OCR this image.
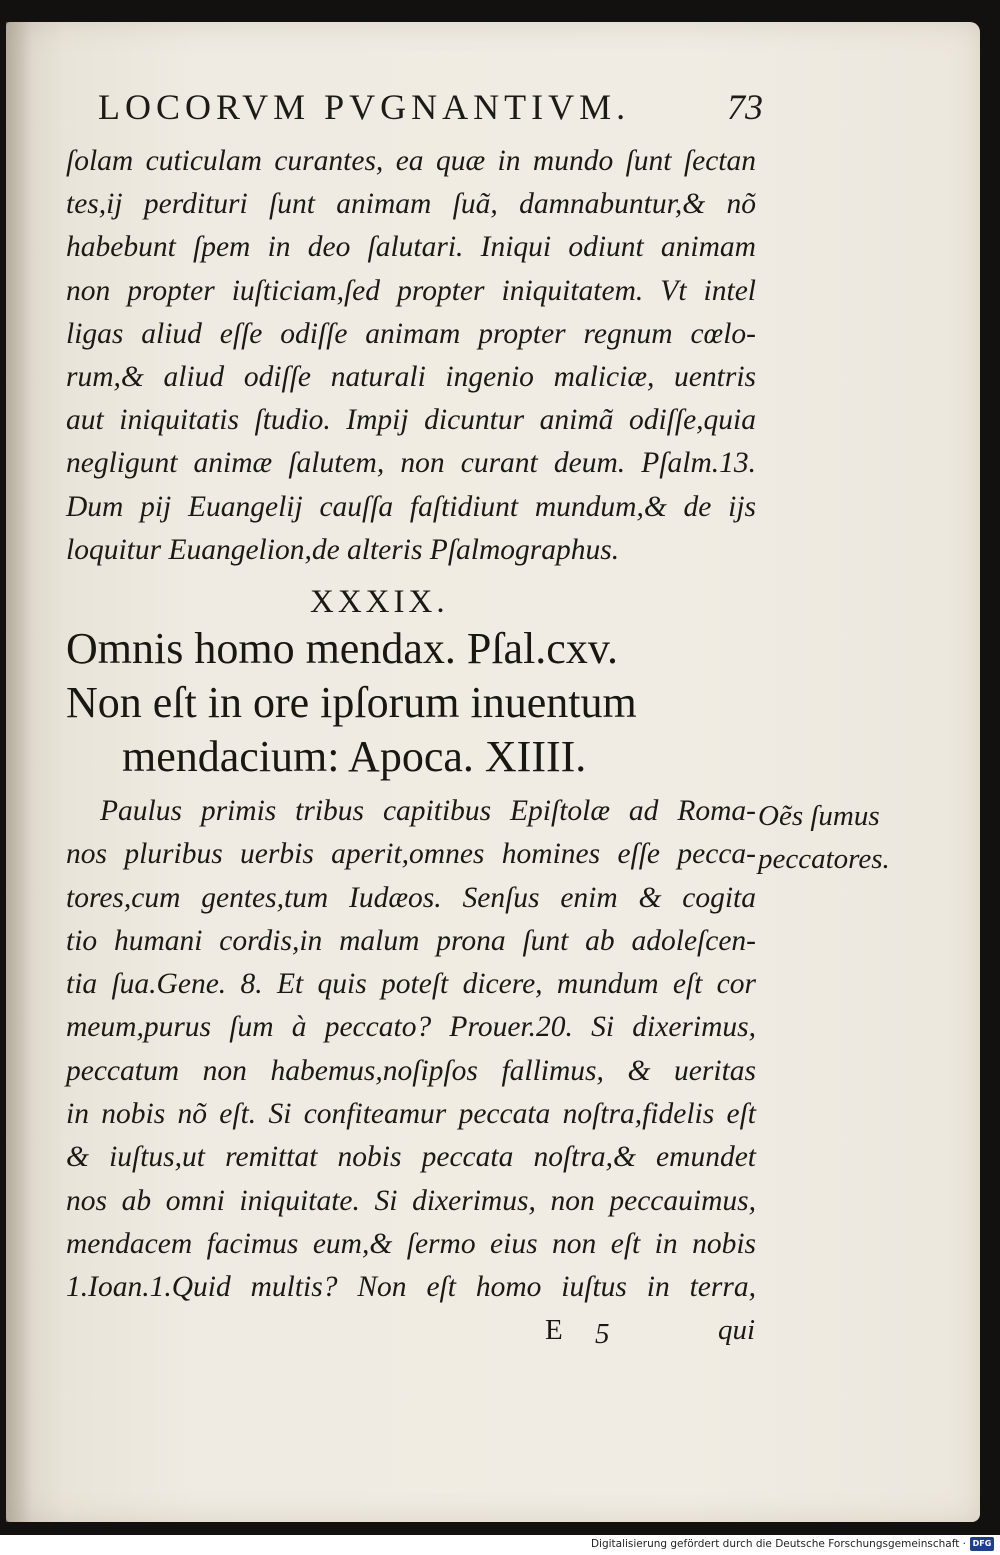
LOCORVM PVGNANTIVM.	73
ſolam cuticulam curantes, ea quæ in mundo ſunt ſectan
tes,ij perdituri ſunt animam ſuã, damnabuntur,& nõ
habebunt ſpem in deo ſalutari. Iniqui odiunt animam
non propter iuſticiam,ſed propter iniquitatem. Vt intel
ligas aliud eſſe odiſſe animam propter regnum cœlo-
rum,& aliud odiſſe naturali ingenio maliciæ, uentris
aut iniquitatis ſtudio. Impij dicuntur animã odiſſe,quia
negligunt animæ ſalutem, non curant deum. Pſalm.13.
Dum pij Euangelij cauſſa faſtidiunt mundum,& de ijs
loquitur Euangelion,de alteris Pſalmographus.
XXXIX.
Omnis homo mendax. Pſal.cxv.
Non eſt in ore ipſorum inuentum
mendacium: Apoca. XIIII.
Paulus primis tribus capitibus Epiſtolæ ad Roma-
nos pluribus uerbis aperit,omnes homines eſſe pecca-
tores,cum gentes,tum Iudæos. Senſus enim & cogita
tio humani cordis,in malum prona ſunt ab adoleſcen-
tia ſua.Gene. 8. Et quis poteſt dicere, mundum eſt cor
meum,purus ſum à peccato? Prouer.20. Si dixerimus,
peccatum non habemus,noſipſos fallimus, & ueritas
in nobis nõ eſt. Si confiteamur peccata noſtra,fidelis eſt
& iuſtus,ut remittat nobis peccata noſtra,& emundet
nos ab omni iniquitate. Si dixerimus, non peccauimus,
mendacem facimus eum,& ſermo eius non eſt in nobis
1.Ioan.1.Quid multis? Non eſt homo iuſtus in terra,
Oẽs ſumus
peccatores.
E 5	qui
Digitalisierung gefördert durch die Deutsche Forschungsgemeinschaft · DFG
